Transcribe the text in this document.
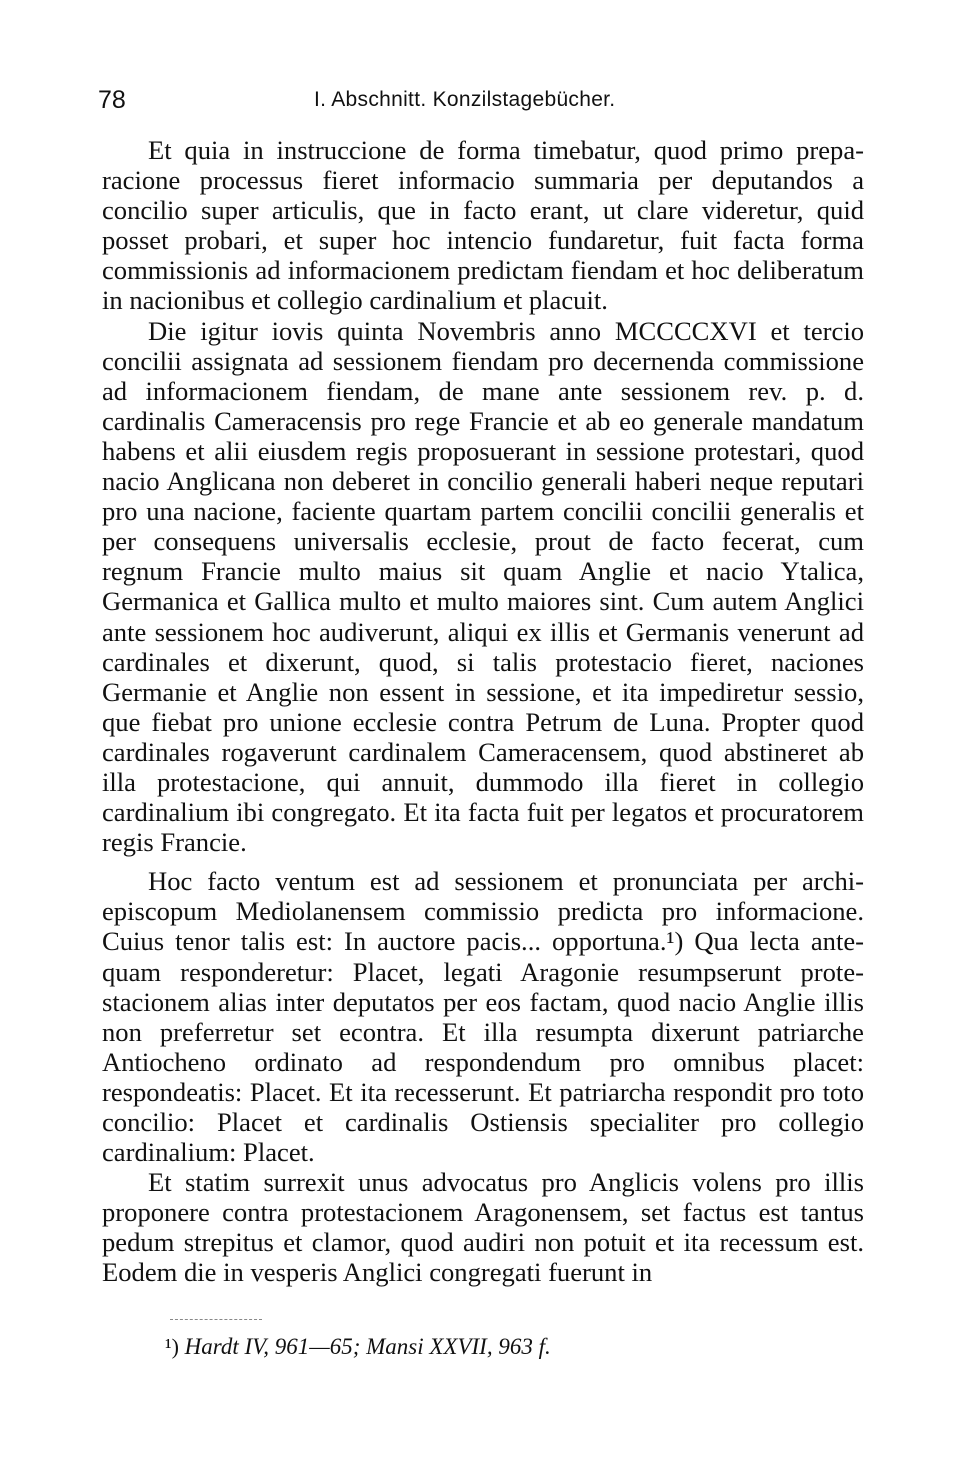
78	I. Abschnitt. Konzilstagebücher.

Et quia in instruccione de forma timebatur, quod primo preparacione processus fieret informacio summaria per deputandos a concilio super articulis, que in facto erant, ut clare videretur, quid posset probari, et super hoc intencio fundaretur, fuit facta forma commissionis ad informacionem predictam fiendam et hoc deliberatum in nacionibus et collegio cardinalium et placuit.

Die igitur iovis quinta Novembris anno MCCCCXVI et tercio concilii assignata ad sessionem fiendam pro decernenda commissione ad informacionem fiendam, de mane ante sessionem rev. p. d. cardinalis Cameracensis pro rege Francie et ab eo generale mandatum habens et alii eiusdem regis proposuerant in sessione protestari, quod nacio Anglicana non deberet in concilio generali haberi neque reputari pro una nacione, faciente quartam partem concilii concilii generalis et per consequens universalis ecclesie, prout de facto fecerat, cum regnum Francie multo maius sit quam Anglie et nacio Ytalica, Germanica et Gallica multo et multo maiores sint. Cum autem Anglici ante sessionem hoc audiverunt, aliqui ex illis et Germanis venerunt ad cardinales et dixerunt, quod, si talis protestacio fieret, naciones Germanie et Anglie non essent in sessione, et ita impediretur sessio, que fiebat pro unione ecclesie contra Petrum de Luna. Propter quod cardinales rogaverunt cardinalem Cameracensem, quod abstineret ab illa protestacione, qui annuit, dummodo illa fieret in collegio cardinalium ibi congregato. Et ita facta fuit per legatos et procuratorem regis Francie.

Hoc facto ventum est ad sessionem et pronunciata per archiepiscopum Mediolanensem commissio predicta pro informacione. Cuius tenor talis est: In auctore pacis... opportuna.¹) Qua lecta antequam responderetur: Placet, legati Aragonie resumpserunt protestacionem alias inter deputatos per eos factam, quod nacio Anglie illis non preferretur set econtra. Et illa resumpta dixerunt patriarche Antiocheno ordinato ad respondendum pro omnibus placet: respondeatis: Placet. Et ita recesserunt. Et patriarcha respondit pro toto concilio: Placet et cardinalis Ostiensis specialiter pro collegio cardinalium: Placet.

Et statim surrexit unus advocatus pro Anglicis volens pro illis proponere contra protestacionem Aragonensem, set factus est tantus pedum strepitus et clamor, quod audiri non potuit et ita recessum est. Eodem die in vesperis Anglici congregati fuerunt in

¹) Hardt IV, 961—65; Mansi XXVII, 963 f.
